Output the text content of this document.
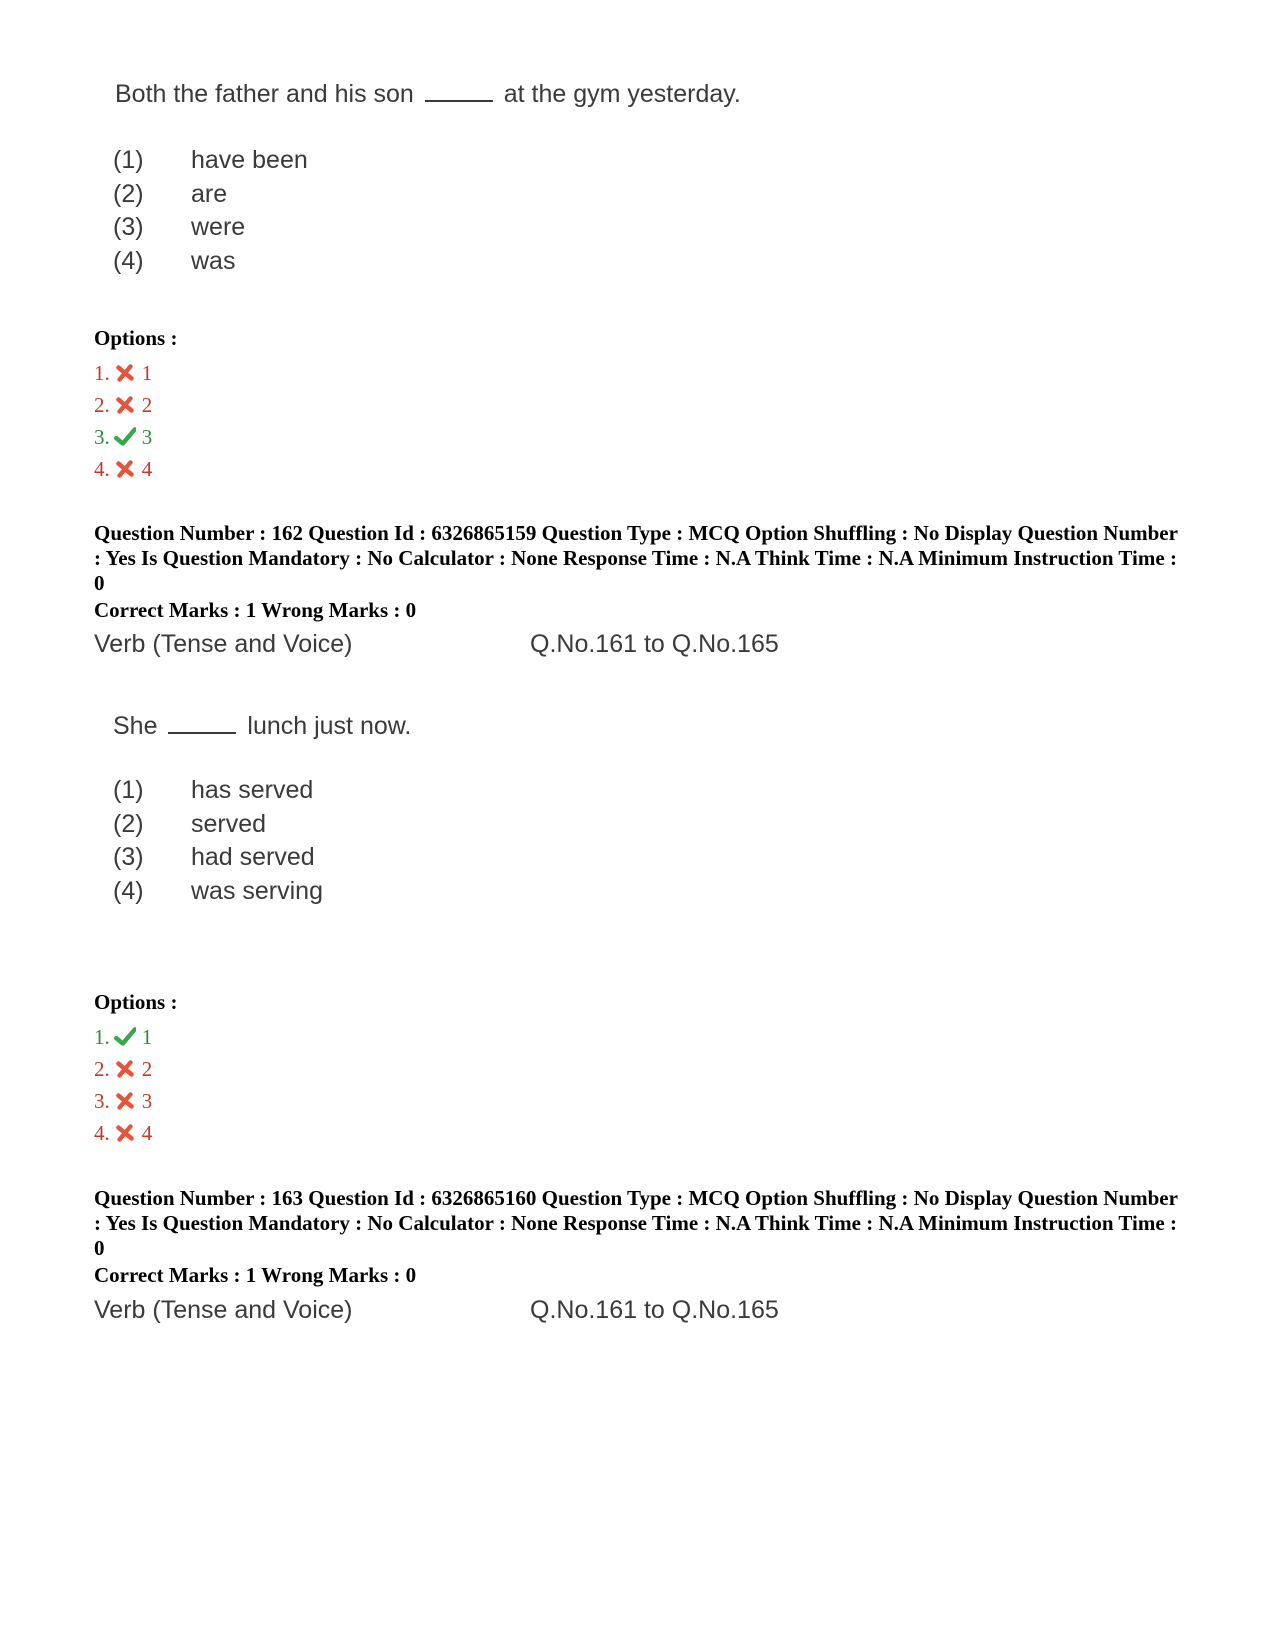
Both the father and his son	at the gym yesterday.
(1)	have been
(2)	are
(3)	were
(4)	was
Options :
1. 1
2. 2
3. 3
4. 4
Question Number : 162 Question Id : 6326865159 Question Type : MCQ Option Shuffling : No Display Question Number : Yes Is Question Mandatory : No Calculator : None Response Time : N.A Think Time : N.A Minimum Instruction Time : 0
Correct Marks : 1 Wrong Marks : 0
Verb (Tense and Voice)	Q.No.161 to Q.No.165
She	lunch just now.
(1)	has served
(2)	served
(3)	had served
(4)	was serving
Options :
1. 1
2. 2
3. 3
4. 4
Question Number : 163 Question Id : 6326865160 Question Type : MCQ Option Shuffling : No Display Question Number : Yes Is Question Mandatory : No Calculator : None Response Time : N.A Think Time : N.A Minimum Instruction Time : 0
Correct Marks : 1 Wrong Marks : 0
Verb (Tense and Voice)	Q.No.161 to Q.No.165
